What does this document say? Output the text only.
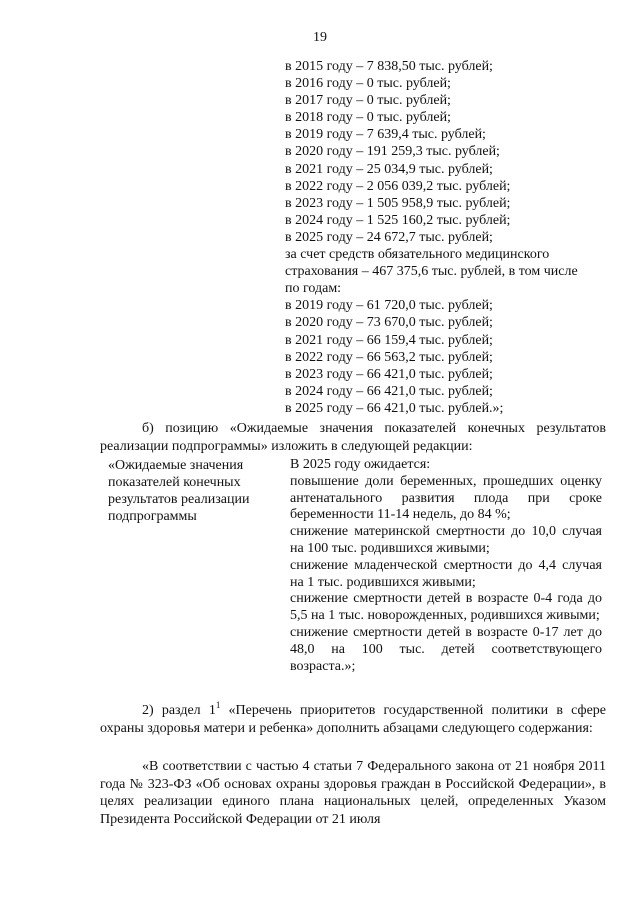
19
в 2015 году – 7 838,50 тыс. рублей;
в 2016 году – 0 тыс. рублей;
в 2017 году – 0 тыс. рублей;
в 2018 году – 0 тыс. рублей;
в 2019 году – 7 639,4 тыс. рублей;
в 2020 году – 191 259,3 тыс. рублей;
в 2021 году – 25 034,9 тыс. рублей;
в 2022 году – 2 056 039,2 тыс. рублей;
в 2023 году – 1 505 958,9 тыс. рублей;
в 2024 году – 1 525 160,2 тыс. рублей;
в 2025 году – 24 672,7 тыс. рублей;
за счет средств обязательного медицинского страхования – 467 375,6 тыс. рублей, в том числе по годам:
в 2019 году – 61 720,0 тыс. рублей;
в 2020 году – 73 670,0 тыс. рублей;
в 2021 году – 66 159,4 тыс. рублей;
в 2022 году – 66 563,2 тыс. рублей;
в 2023 году – 66 421,0 тыс. рублей;
в 2024 году – 66 421,0 тыс. рублей;
в 2025 году – 66 421,0 тыс. рублей.»;
б) позицию «Ожидаемые значения показателей конечных результатов реализации подпрограммы» изложить в следующей редакции:
«Ожидаемые значения показателей конечных результатов реализации подпрограммы
В 2025 году ожидается:
повышение доли беременных, прошедших оценку антенатального развития плода при сроке беременности 11-14 недель, до 84 %;
снижение материнской смертности до 10,0 случая на 100 тыс. родившихся живыми;
снижение младенческой смертности до 4,4 случая на 1 тыс. родившихся живыми;
снижение смертности детей в возрасте 0-4 года до 5,5 на 1 тыс. новорожденных, родившихся живыми;
снижение смертности детей в возрасте 0-17 лет до 48,0 на 100 тыс. детей соответствующего возраста.»;
2) раздел $1^1$ «Перечень приоритетов государственной политики в сфере охраны здоровья матери и ребенка» дополнить абзацами следующего содержания:
«В соответствии с частью 4 статьи 7 Федерального закона от 21 ноября 2011 года № 323-ФЗ «Об основах охраны здоровья граждан в Российской Федерации», в целях реализации единого плана национальных целей, определенных Указом Президента Российской Федерации от 21 июля
